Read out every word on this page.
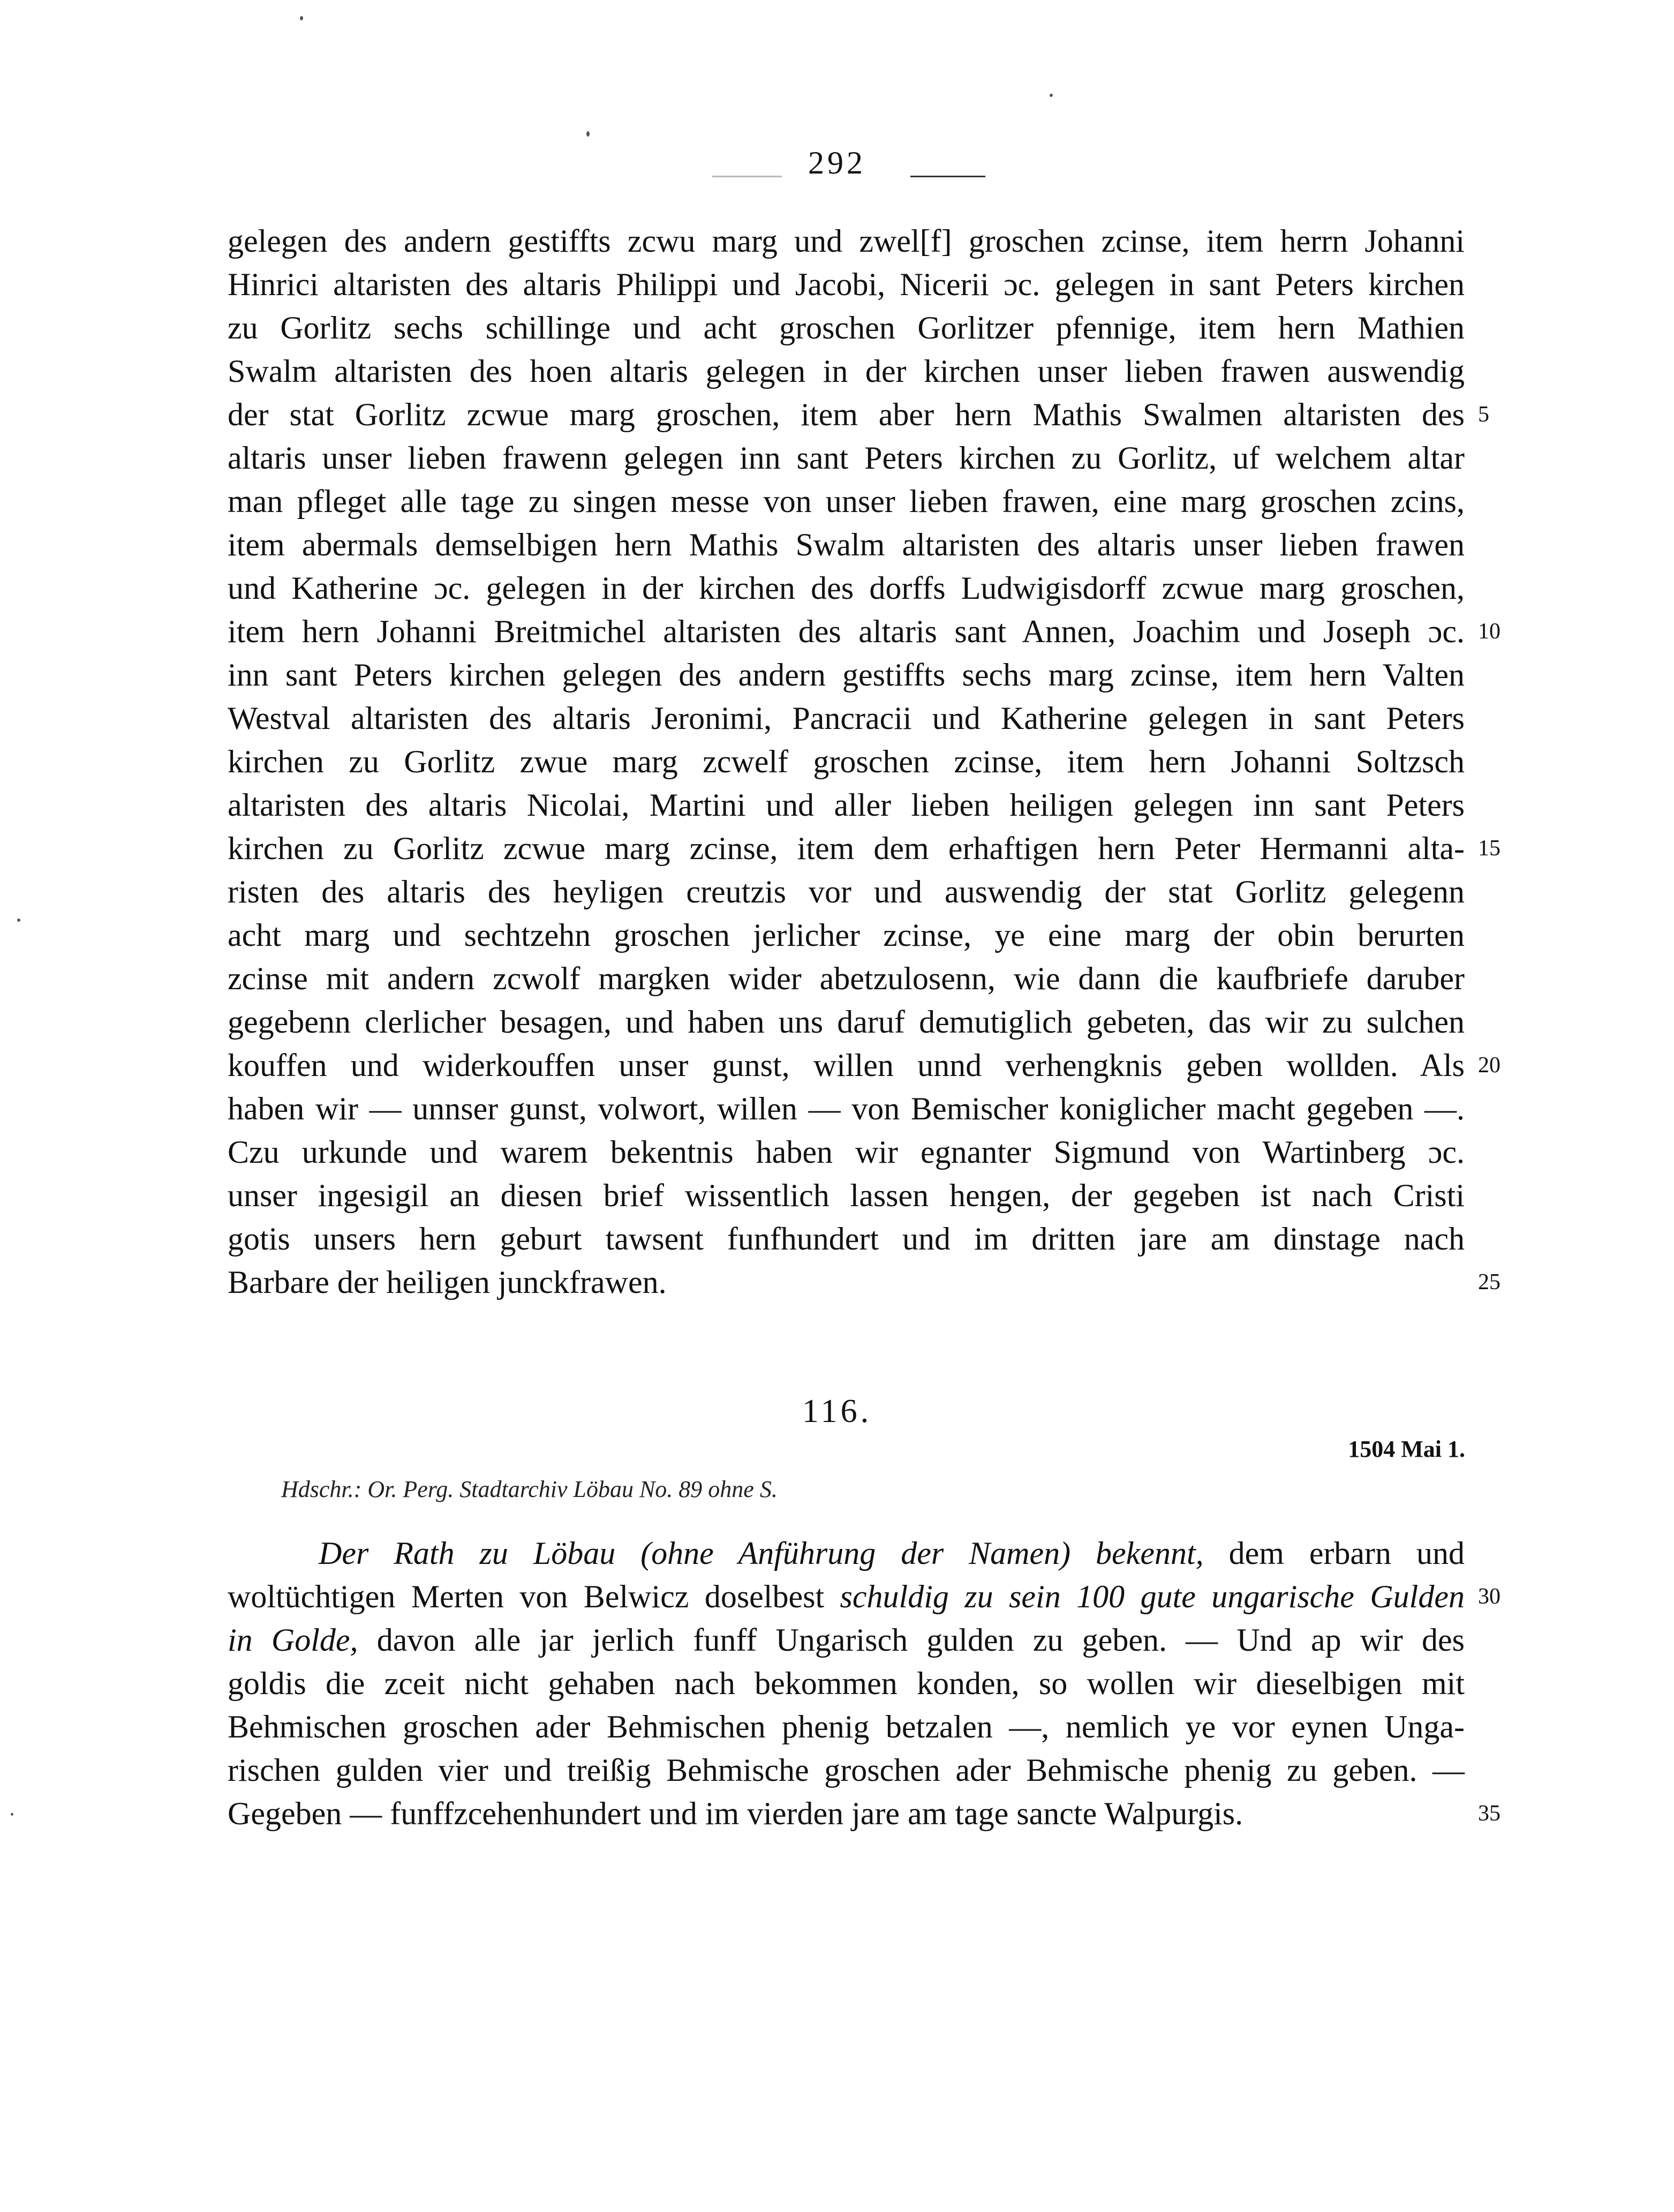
292
gelegen des andern gestiffts zcwu marg und zwel[f] groschen zcinse, item herrn Johanni
Hinrici altaristen des altaris Philippi und Jacobi, Nicerii ɔc. gelegen in sant Peters kirchen
zu Gorlitz sechs schillinge und acht groschen Gorlitzer pfennige, item hern Mathien
Swalm altaristen des hoen altaris gelegen in der kirchen unser lieben frawen auswendig
der stat Gorlitz zcwue marg groschen, item aber hern Mathis Swalmen altaristen des
altaris unser lieben frawenn gelegen inn sant Peters kirchen zu Gorlitz, uf welchem altar
man pfleget alle tage zu singen messe von unser lieben frawen, eine marg groschen zcins,
item abermals demselbigen hern Mathis Swalm altaristen des altaris unser lieben frawen
und Katherine ɔc. gelegen in der kirchen des dorffs Ludwigisdorff zcwue marg groschen,
item hern Johanni Breitmichel altaristen des altaris sant Annen, Joachim und Joseph ɔc.
inn sant Peters kirchen gelegen des andern gestiffts sechs marg zcinse, item hern Valten
Westval altaristen des altaris Jeronimi, Pancracii und Katherine gelegen in sant Peters
kirchen zu Gorlitz zwue marg zcwelf groschen zcinse, item hern Johanni Soltzsch
altaristen des altaris Nicolai, Martini und aller lieben heiligen gelegen inn sant Peters
kirchen zu Gorlitz zcwue marg zcinse, item dem erhaftigen hern Peter Hermanni alta-
risten des altaris des heyligen creutzis vor und auswendig der stat Gorlitz gelegenn
acht marg und sechtzehn groschen jerlicher zcinse, ye eine marg der obin berurten
zcinse mit andern zcwolf margken wider abetzulosenn, wie dann die kaufbriefe daruber
gegebenn clerlicher besagen, und haben uns daruf demutiglich gebeten, das wir zu sulchen
kouffen und widerkouffen unser gunst, willen unnd verhengknis geben wollden. Als
haben wir — unnser gunst, volwort, willen — von Bemischer koniglicher macht gegeben —.
Czu urkunde und warem bekentnis haben wir egnanter Sigmund von Wartinberg ɔc.
unser ingesigil an diesen brief wissentlich lassen hengen, der gegeben ist nach Cristi
gotis unsers hern geburt tawsent funfhundert und im dritten jare am dinstage nach
Barbare der heiligen junckfrawen.
5
10
15
20
25
116.
1504 Mai 1.
Hdschr.: Or. Perg. Stadtarchiv Löbau No. 89 ohne S.
Der Rath zu Löbau (ohne Anführung der Namen) bekennt, dem erbarn und
woltüchtigen Merten von Belwicz doselbest schuldig zu sein 100 gute ungarische Gulden
in Golde, davon alle jar jerlich funff Ungarisch gulden zu geben. — Und ap wir des
goldis die zceit nicht gehaben nach bekommen konden, so wollen wir dieselbigen mit
Behmischen groschen ader Behmischen phenig betzalen —, nemlich ye vor eynen Unga-
rischen gulden vier und treißig Behmische groschen ader Behmische phenig zu geben. —
Gegeben — funffzcehenhundert und im vierden jare am tage sancte Walpurgis.
30
35
